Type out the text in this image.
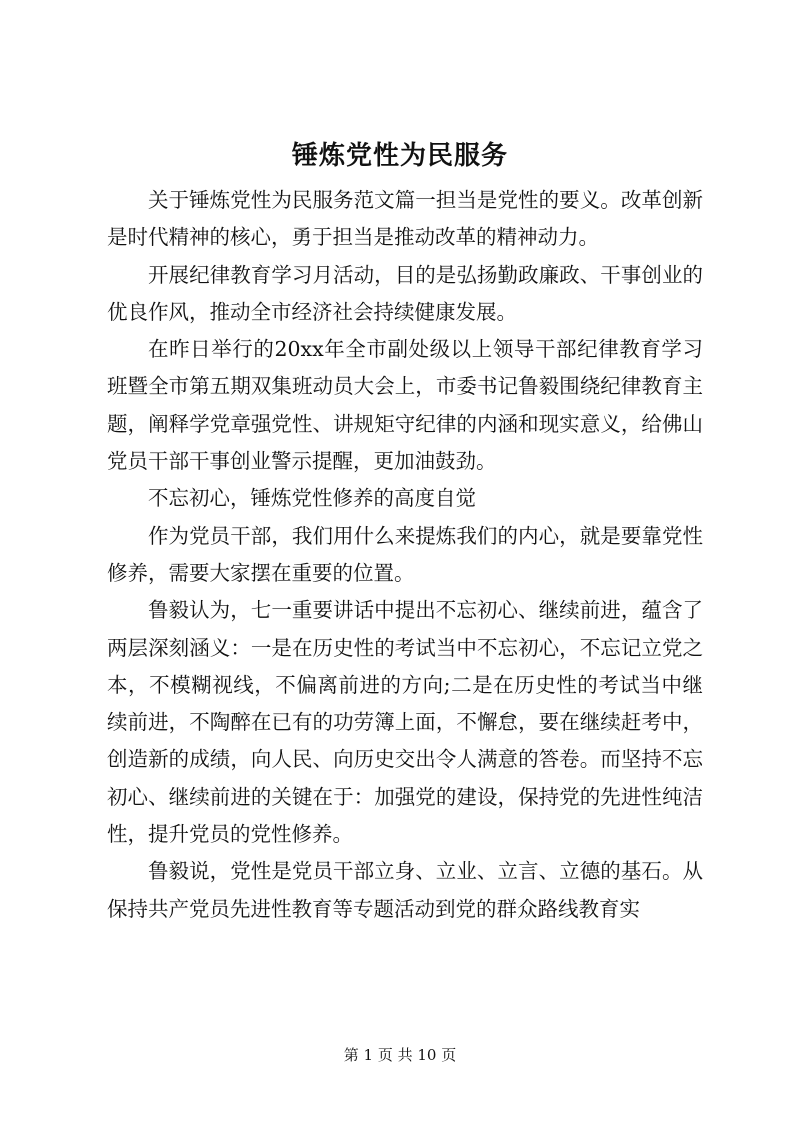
锤炼党性为民服务

关于锤炼党性为民服务范文篇一担当是党性的要义。改革创新是时代精神的核心，勇于担当是推动改革的精神动力。

开展纪律教育学习月活动，目的是弘扬勤政廉政、干事创业的优良作风，推动全市经济社会持续健康发展。

在昨日举行的20xx年全市副处级以上领导干部纪律教育学习班暨全市第五期双集班动员大会上，市委书记鲁毅围绕纪律教育主题，阐释学党章强党性、讲规矩守纪律的内涵和现实意义，给佛山党员干部干事创业警示提醒，更加油鼓劲。

不忘初心，锤炼党性修养的高度自觉

作为党员干部，我们用什么来提炼我们的内心，就是要靠党性修养，需要大家摆在重要的位置。

鲁毅认为，七一重要讲话中提出不忘初心、继续前进，蕴含了两层深刻涵义：一是在历史性的考试当中不忘初心，不忘记立党之本，不模糊视线，不偏离前进的方向;二是在历史性的考试当中继续前进，不陶醉在已有的功劳簿上面，不懈怠，要在继续赶考中，创造新的成绩，向人民、向历史交出令人满意的答卷。而坚持不忘初心、继续前进的关键在于：加强党的建设，保持党的先进性纯洁性，提升党员的党性修养。

鲁毅说，党性是党员干部立身、立业、立言、立德的基石。从保持共产党员先进性教育等专题活动到党的群众路线教育实

第 1 页 共 10 页
